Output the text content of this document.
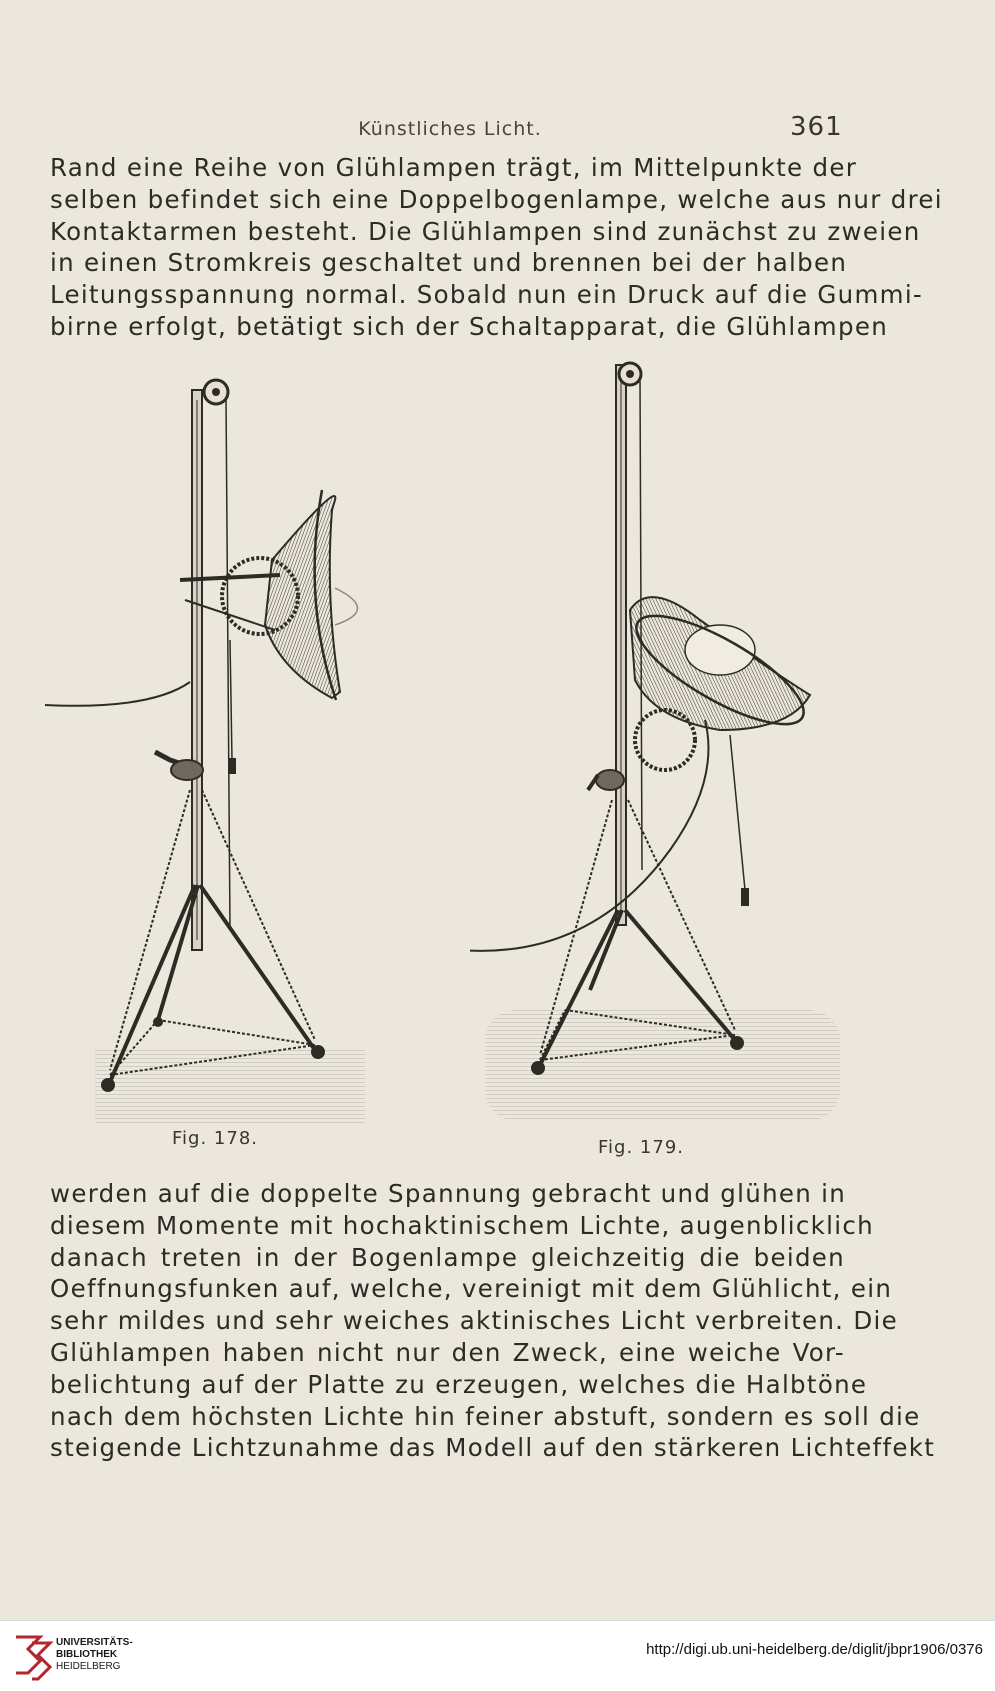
Künstliches Licht.	361

Rand eine Reihe von Glühlampen trägt, im Mittelpunkte der
selben befindet sich eine Doppelbogenlampe, welche aus nur drei
Kontaktarmen besteht. Die Glühlampen sind zunächst zu zweien
in einen Stromkreis geschaltet und brennen bei der halben
Leitungsspannung normal. Sobald nun ein Druck auf die Gummi-
birne erfolgt, betätigt sich der Schaltapparat, die Glühlampen

Fig. 178.	Fig. 179.

werden auf die doppelte Spannung gebracht und glühen in
diesem Momente mit hochaktinischem Lichte, augenblicklich
danach treten in der Bogenlampe gleichzeitig die beiden
Oeffnungsfunken auf, welche, vereinigt mit dem Glühlicht, ein
sehr mildes und sehr weiches aktinisches Licht verbreiten. Die
Glühlampen haben nicht nur den Zweck, eine weiche Vor-
belichtung auf der Platte zu erzeugen, welches die Halbtöne
nach dem höchsten Lichte hin feiner abstuft, sondern es soll die
steigende Lichtzunahme das Modell auf den stärkeren Lichteffekt

UNIVERSITÄTS-
BIBLIOTHEK
HEIDELBERG
http://digi.ub.uni-heidelberg.de/diglit/jbpr1906/0376
